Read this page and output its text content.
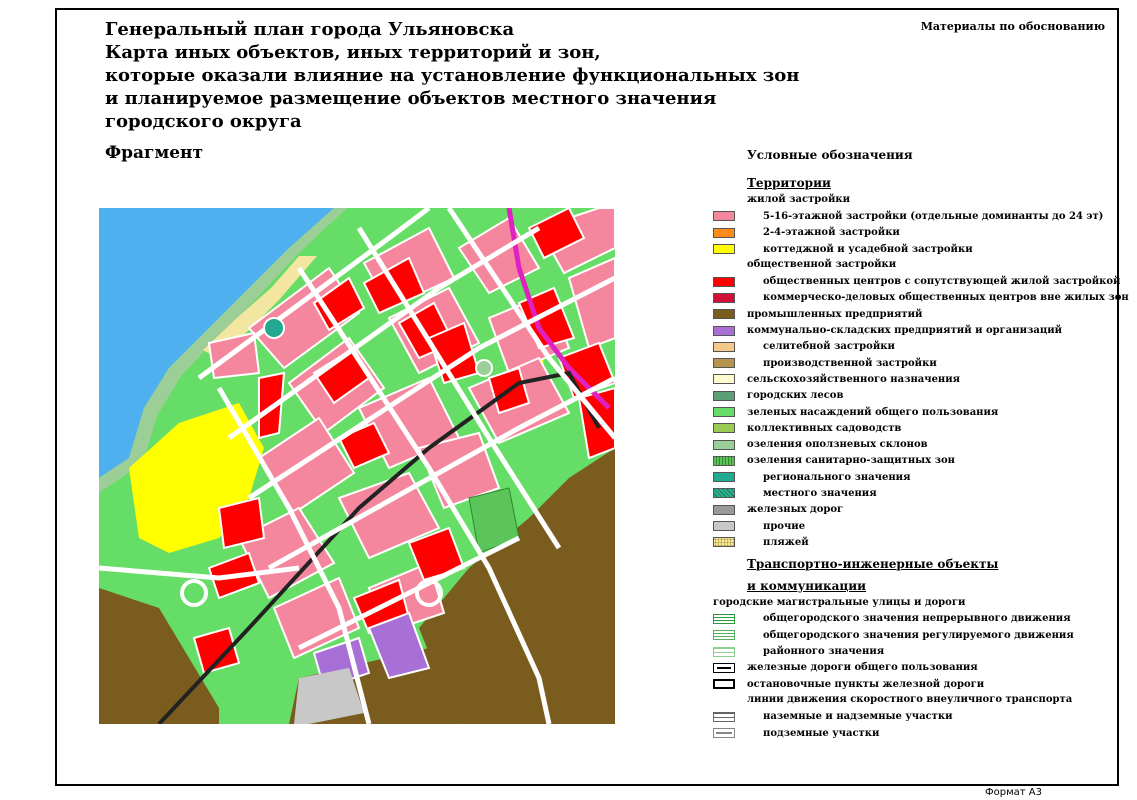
Генеральный план города Ульяновска
Карта иных объектов, иных территорий и зон,
которые оказали влияние на установление функциональных зон
и планируемое размещение объектов местного значения
городского округа
Фрагмент
Материалы по обоснованию
Формат А3
Условные обозначения
Территории
жилой застройки
5-16-этажной застройки (отдельные доминанты до 24 эт)
2-4-этажной застройки
коттеджной и усадебной застройки
общественной застройки
общественных центров с сопутствующей жилой застройкой
коммерческо-деловых общественных центров вне жилых зон
промышленных предприятий
коммунально-складских предприятий и организаций
селитебной застройки
производственной застройки
сельскохозяйственного назначения
городских лесов
зеленых насаждений общего пользования
коллективных садоводств
озеления оползневых склонов
озеления санитарно-защитных зон
регионального значения
местного значения
железных дорог
прочие
пляжей
Транспортно-инженерные объекты
и коммуникации
городские магистральные улицы и дороги
общегородского значения непрерывного движения
общегородского значения регулируемого движения
районного значения
железные дороги общего пользования
остановочные пункты железной дороги
линии движения скоростного внеуличного транспорта
наземные и надземные участки
подземные участки
